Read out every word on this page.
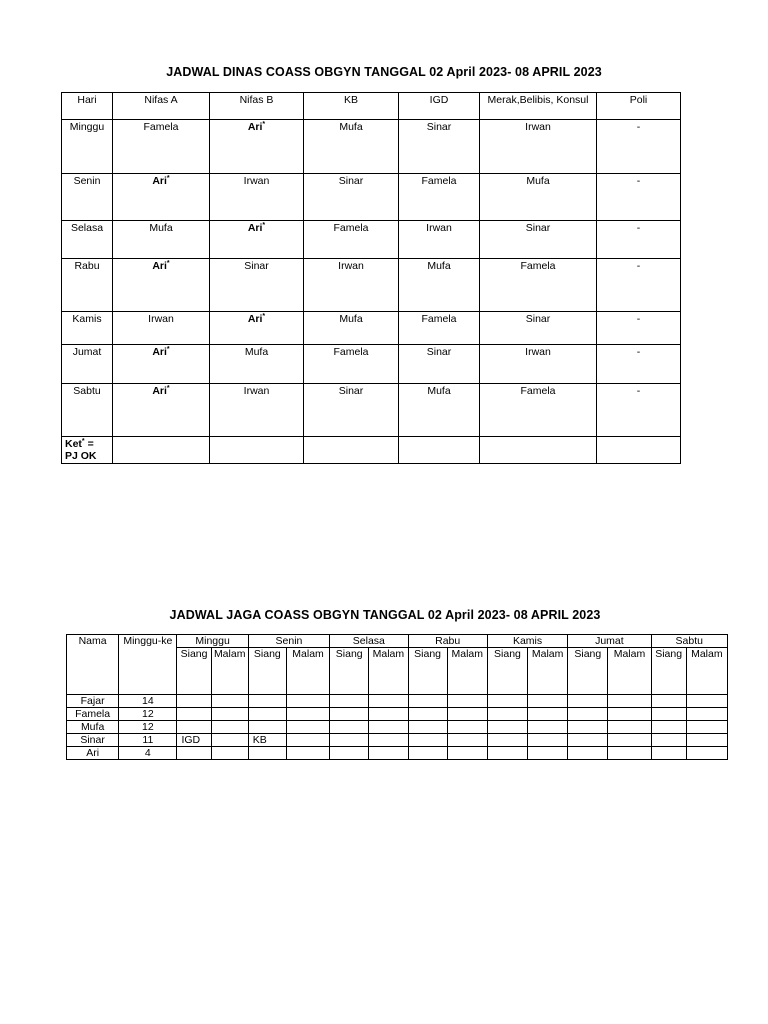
JADWAL DINAS COASS OBGYN TANGGAL 02 April 2023- 08 APRIL 2023
Hari	Nifas A	Nifas B	KB	IGD	Merak,Belibis, Konsul	Poli
Minggu	Famela	Ari*	Mufa	Sinar	Irwan	-
Senin	Ari*	Irwan	Sinar	Famela	Mufa	-
Selasa	Mufa	Ari*	Famela	Irwan	Sinar	-
Rabu	Ari*	Sinar	Irwan	Mufa	Famela	-
Kamis	Irwan	Ari*	Mufa	Famela	Sinar	-
Jumat	Ari*	Mufa	Famela	Sinar	Irwan	-
Sabtu	Ari*	Irwan	Sinar	Mufa	Famela	-

Ket* =
PJ OK						

JADWAL JAGA COASS OBGYN TANGGAL 02 April 2023- 08 APRIL 2023
Nama	Minggu-ke	Minggu		Senin		Selasa		Rabu		Kamis		Jumat		Sabtu	
		Siang	Malam	Siang	Malam	Siang	Malam	Siang	Malam	Siang	Malam	Siang	Malam	Siang	Malam
Fajar	14														
Famela	12														
Mufa	12														
Sinar	11	IGD		KB											
Ari	4														
